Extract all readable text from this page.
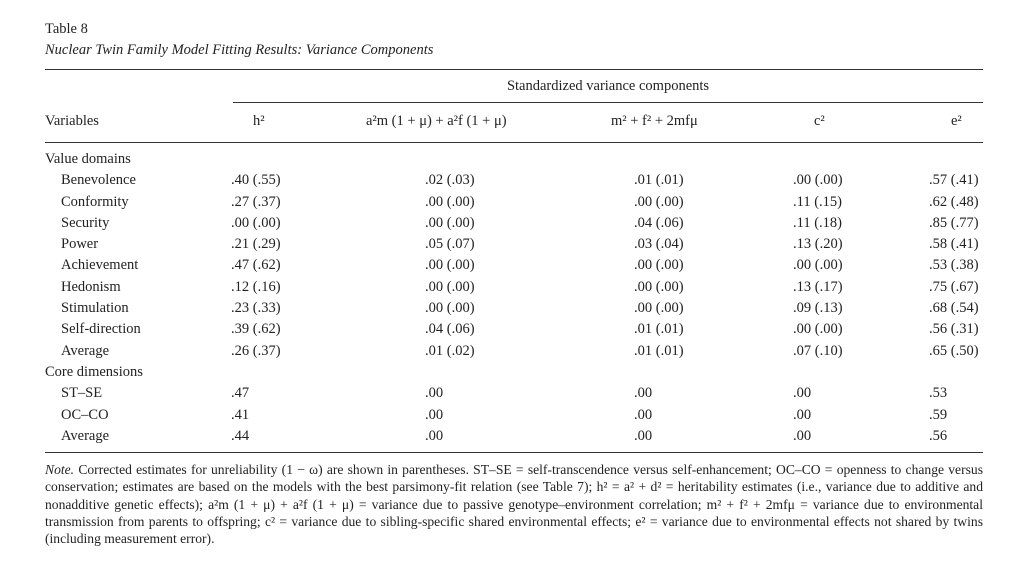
Table 8
Nuclear Twin Family Model Fitting Results: Variance Components
Standardized variance components
Variables	h²	a²m (1 + μ) + a²f (1 + μ)	m² + f² + 2mfμ	c²	e²
Value domains
Benevolence	.40 (.55)	.02 (.03)	.01 (.01)	.00 (.00)	.57 (.41)
Conformity	.27 (.37)	.00 (.00)	.00 (.00)	.11 (.15)	.62 (.48)
Security	.00 (.00)	.00 (.00)	.04 (.06)	.11 (.18)	.85 (.77)
Power	.21 (.29)	.05 (.07)	.03 (.04)	.13 (.20)	.58 (.41)
Achievement	.47 (.62)	.00 (.00)	.00 (.00)	.00 (.00)	.53 (.38)
Hedonism	.12 (.16)	.00 (.00)	.00 (.00)	.13 (.17)	.75 (.67)
Stimulation	.23 (.33)	.00 (.00)	.00 (.00)	.09 (.13)	.68 (.54)
Self-direction	.39 (.62)	.04 (.06)	.01 (.01)	.00 (.00)	.56 (.31)
Average	.26 (.37)	.01 (.02)	.01 (.01)	.07 (.10)	.65 (.50)
Core dimensions
ST–SE	.47	.00	.00	.00	.53
OC–CO	.41	.00	.00	.00	.59
Average	.44	.00	.00	.00	.56
Note. Corrected estimates for unreliability (1 − ω) are shown in parentheses. ST–SE = self-transcendence versus self-enhancement; OC–CO = openness to change versus conservation; estimates are based on the models with the best parsimony-fit relation (see Table 7); h² = a² + d² = heritability estimates (i.e., variance due to additive and nonadditive genetic effects); a²m (1 + μ) + a²f (1 + μ) = variance due to passive genotype–environment correlation; m² + f² + 2mfμ = variance due to environmental transmission from parents to offspring; c² = variance due to sibling-specific shared environmental effects; e² = variance due to environmental effects not shared by twins (including measurement error).
